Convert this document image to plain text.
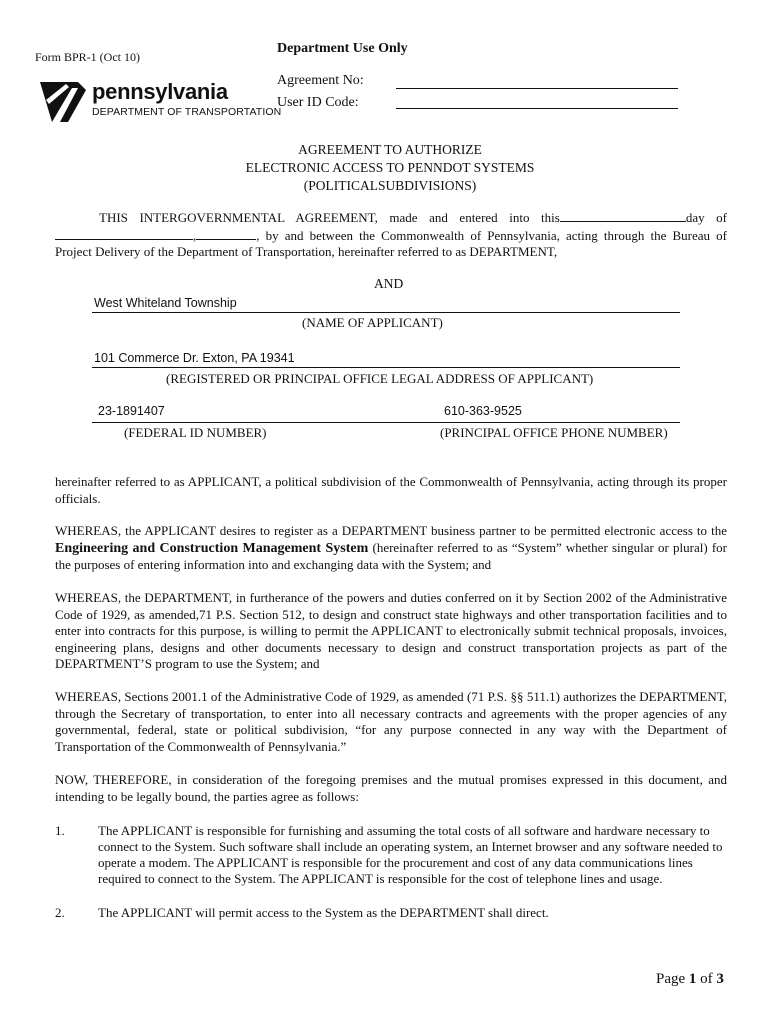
Form BPR-1 (Oct 10)
Department Use Only
pennsylvania
DEPARTMENT OF TRANSPORTATION
Agreement No:
User ID Code:
AGREEMENT TO AUTHORIZE
ELECTRONIC ACCESS TO PENNDOT SYSTEMS
(POLITICALSUBDIVISIONS)
THIS INTERGOVERNMENTAL AGREEMENT, made and entered into this	day of ,	, by and between the Commonwealth of Pennsylvania, acting through the Bureau of Project Delivery of the Department of Transportation, hereinafter referred to as DEPARTMENT,
AND
West Whiteland Township
(NAME OF APPLICANT)
101 Commerce Dr. Exton, PA 19341
(REGISTERED OR PRINCIPAL OFFICE LEGAL ADDRESS OF APPLICANT)
23-1891407	610-363-9525
(FEDERAL ID NUMBER)	(PRINCIPAL OFFICE PHONE NUMBER)
hereinafter referred to as APPLICANT, a political subdivision of the Commonwealth of Pennsylvania, acting through its proper officials.
WHEREAS, the APPLICANT desires to register as a DEPARTMENT business partner to be permitted electronic access to the Engineering and Construction Management System (hereinafter referred to as “System” whether singular or plural) for the purposes of entering information into and exchanging data with the System; and
WHEREAS, the DEPARTMENT, in furtherance of the powers and duties conferred on it by Section 2002 of the Administrative Code of 1929, as amended,71 P.S. Section 512, to design and construct state highways and other transportation facilities and to enter into contracts for this purpose, is willing to permit the APPLICANT to electronically submit technical proposals, invoices, engineering plans, designs and other documents necessary to design and construct transportation projects as part of the DEPARTMENT’S program to use the System; and
WHEREAS, Sections 2001.1 of the Administrative Code of 1929, as amended (71 P.S. §§ 511.1) authorizes the DEPARTMENT, through the Secretary of transportation, to enter into all necessary contracts and agreements with the proper agencies of any governmental, federal, state or political subdivision, “for any purpose connected in any way with the Department of Transportation of the Commonwealth of Pennsylvania.”
NOW, THEREFORE, in consideration of the foregoing premises and the mutual promises expressed in this document, and intending to be legally bound, the parties agree as follows:
1.	The APPLICANT is responsible for furnishing and assuming the total costs of all software and hardware necessary to connect to the System. Such software shall include an operating system, an Internet browser and any software needed to operate a modem. The APPLICANT is responsible for the procurement and cost of any data communications lines required to connect to the System. The APPLICANT is responsible for the cost of telephone lines and usage.
2.	The APPLICANT will permit access to the System as the DEPARTMENT shall direct.
Page 1 of 3
